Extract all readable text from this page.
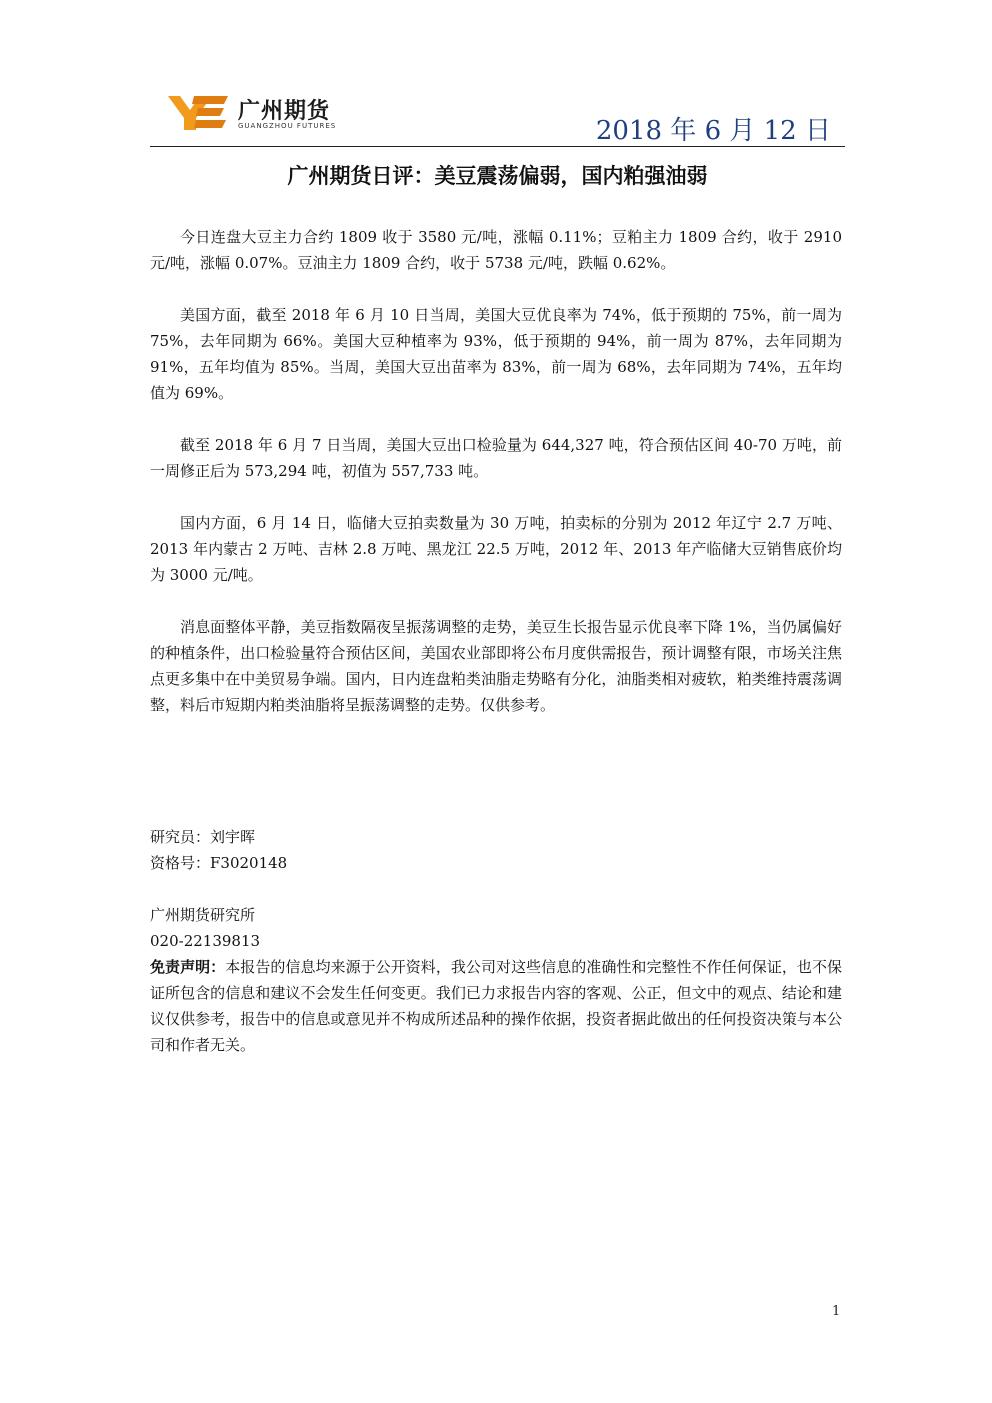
广州期货
GUANGZHOU FUTURES	2018 年 6 月 12 日
广州期货日评：美豆震荡偏弱，国内粕强油弱

今日连盘大豆主力合约 1809 收于 3580 元/吨，涨幅 0.11%；豆粕主力 1809 合约，收于 2910 元/吨，涨幅 0.07%。豆油主力 1809 合约，收于 5738 元/吨，跌幅 0.62%。

美国方面，截至 2018 年 6 月 10 日当周，美国大豆优良率为 74%，低于预期的 75%，前一周为 75%，去年同期为 66%。美国大豆种植率为 93%，低于预期的 94%，前一周为 87%，去年同期为 91%，五年均值为 85%。当周，美国大豆出苗率为 83%，前一周为 68%，去年同期为 74%，五年均值为 69%。

截至 2018 年 6 月 7 日当周，美国大豆出口检验量为 644,327 吨，符合预估区间 40-70 万吨，前一周修正后为 573,294 吨，初值为 557,733 吨。

国内方面，6 月 14 日，临储大豆拍卖数量为 30 万吨，拍卖标的分别为 2012 年辽宁 2.7 万吨、2013 年内蒙古 2 万吨、吉林 2.8 万吨、黑龙江 22.5 万吨，2012 年、2013 年产临储大豆销售底价均为 3000 元/吨。

消息面整体平静，美豆指数隔夜呈振荡调整的走势，美豆生长报告显示优良率下降 1%，当仍属偏好的种植条件，出口检验量符合预估区间，美国农业部即将公布月度供需报告，预计调整有限，市场关注焦点更多集中在中美贸易争端。国内，日内连盘粕类油脂走势略有分化，油脂类相对疲软，粕类维持震荡调整，料后市短期内粕类油脂将呈振荡调整的走势。仅供参考。

研究员：刘宇晖

资格号：F3020148

广州期货研究所

020-22139813

免责声明：本报告的信息均来源于公开资料，我公司对这些信息的准确性和完整性不作任何保证，也不保证所包含的信息和建议不会发生任何变更。我们已力求报告内容的客观、公正，但文中的观点、结论和建议仅供参考，报告中的信息或意见并不构成所述品种的操作依据，投资者据此做出的任何投资决策与本公司和作者无关。

1
